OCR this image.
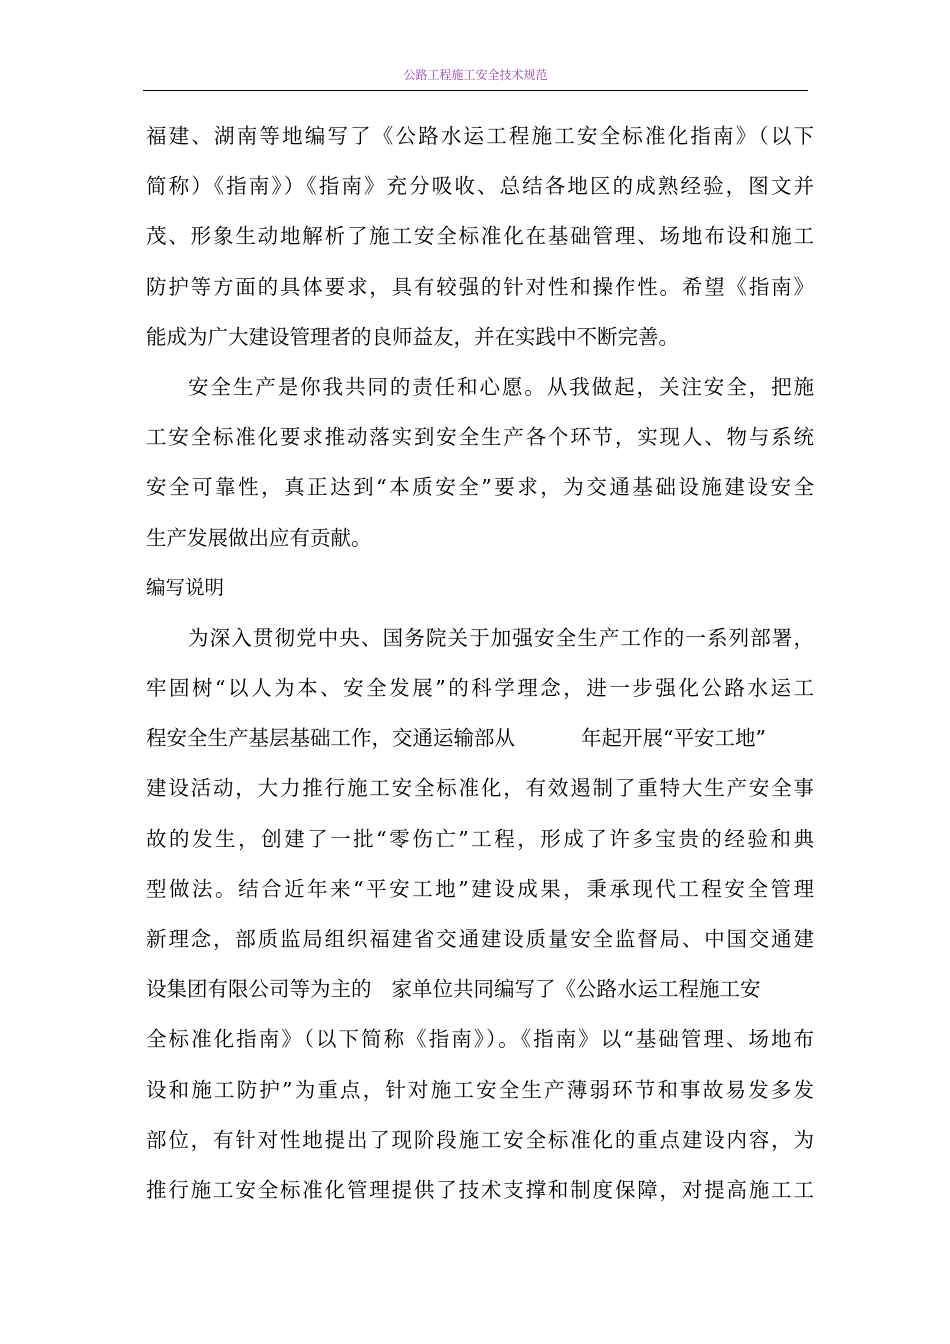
公路工程施工安全技术规范
福建、湖南等地编写了《公路水运工程施工安全标准化指南》（以下
简称）《指南》）《指南》充分吸收、总结各地区的成熟经验，图文并
茂、形象生动地解析了施工安全标准化在基础管理、场地布设和施工
防护等方面的具体要求，具有较强的针对性和操作性。希望《指南》
能成为广大建设管理者的良师益友，并在实践中不断完善。
安全生产是你我共同的责任和心愿。从我做起，关注安全，把施
工安全标准化要求推动落实到安全生产各个环节，实现人、物与系统
安全可靠性，真正达到“本质安全”要求，为交通基础设施建设安全
生产发展做出应有贡献。
编写说明
为深入贯彻党中央、国务院关于加强安全生产工作的一系列部署，
牢固树“以人为本、安全发展”的科学理念，进一步强化公路水运工
程安全生产基层基础工作，交通运输部从	年起开展“平安工地”
建设活动，大力推行施工安全标准化，有效遏制了重特大生产安全事
故的发生，创建了一批“零伤亡”工程，形成了许多宝贵的经验和典
型做法。结合近年来“平安工地”建设成果，秉承现代工程安全管理
新理念，部质监局组织福建省交通建设质量安全监督局、中国交通建
设集团有限公司等为主的 家单位共同编写了《公路水运工程施工安
全标准化指南》（以下简称《指南》）。《指南》以“基础管理、场地布
设和施工防护”为重点，针对施工安全生产薄弱环节和事故易发多发
部位，有针对性地提出了现阶段施工安全标准化的重点建设内容，为
推行施工安全标准化管理提供了技术支撑和制度保障，对提高施工工
